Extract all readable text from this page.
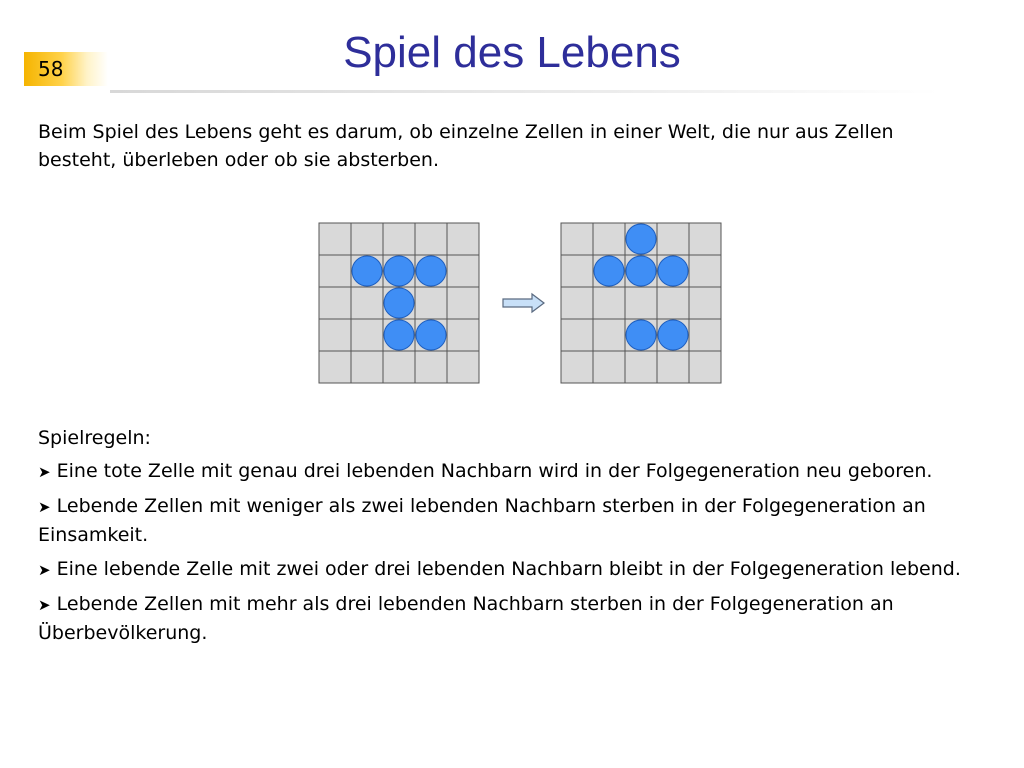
58	Spiel des Lebens

Beim Spiel des Lebens geht es darum, ob einzelne Zellen in einer Welt, die nur aus Zellen besteht, überleben oder ob sie absterben.

Spielregeln:

➤ Eine tote Zelle mit genau drei lebenden Nachbarn wird in der Folgegeneration neu geboren.

➤ Lebende Zellen mit weniger als zwei lebenden Nachbarn sterben in der Folgegeneration an Einsamkeit.

➤ Eine lebende Zelle mit zwei oder drei lebenden Nachbarn bleibt in der Folgegeneration lebend.

➤ Lebende Zellen mit mehr als drei lebenden Nachbarn sterben in der Folgegeneration an Überbevölkerung.
